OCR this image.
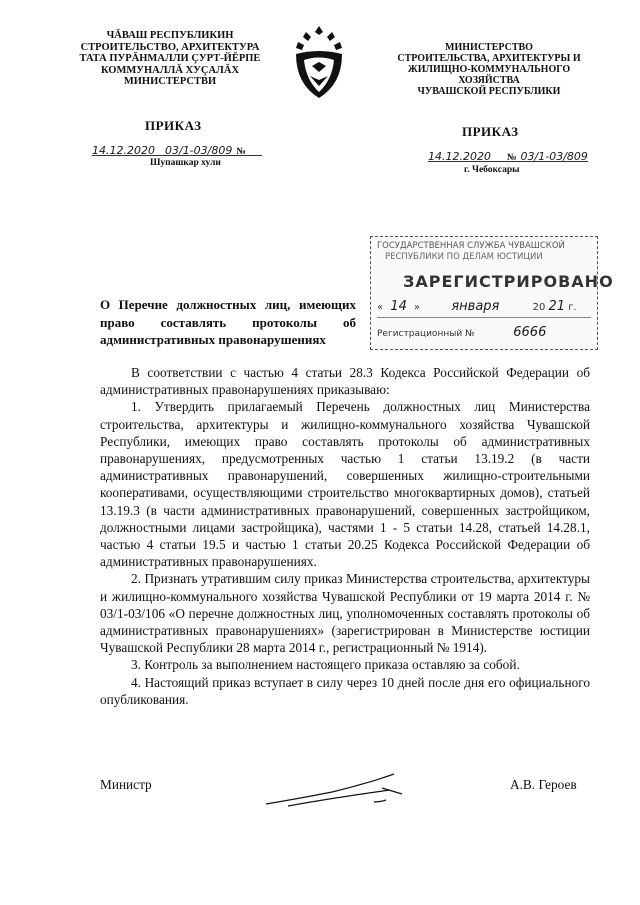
ЧĂВАШ РЕСПУБЛИКИН
СТРОИТЕЛЬСТВО, АРХИТЕКТУРА
ТАТА ПУРĂНМАЛЛИ ÇУРТ-ЙĔРПЕ
КОММУНАЛЛĂ ХУÇАЛĂХ
МИНИСТЕРСТВИ
МИНИСТЕРСТВО
СТРОИТЕЛЬСТВА, АРХИТЕКТУРЫ И
ЖИЛИЩНО-КОММУНАЛЬНОГО ХОЗЯЙСТВА
ЧУВАШСКОЙ РЕСПУБЛИКИ
ПРИКАЗ
14.12.2020 03/1-03/809 №
Шупашкар хули
ПРИКАЗ
14.12.2020 № 03/1-03/809
г. Чебоксары
ГОСУДАРСТВЕННАЯ СЛУЖБА ЧУВАШСКОЙ
РЕСПУБЛИКИ ПО ДЕЛАМ ЮСТИЦИИ
ЗАРЕГИСТРИРОВАНО
« 14 » января	20 21 г.
Регистрационный №	6666
О Перечне должностных лиц, имеющих право составлять протоколы об административных правонарушениях

В соответствии с частью 4 статьи 28.3 Кодекса Российской Федерации об административных правонарушениях приказываю:

1. Утвердить прилагаемый Перечень должностных лиц Министерства строительства, архитектуры и жилищно-коммунального хозяйства Чувашской Республики, имеющих право составлять протоколы об административных правонарушениях, предусмотренных частью 1 статьи 13.19.2 (в части административных правонарушений, совершенных жилищно-строительными кооперативами, осуществляющими строительство многоквартирных домов), статьей 13.19.3 (в части административных правонарушений, совершенных застройщиком, должностными лицами застройщика), частями 1 - 5 статьи 14.28, статьей 14.28.1, частью 4 статьи 19.5 и частью 1 статьи 20.25 Кодекса Российской Федерации об административных правонарушениях.

2. Признать утратившим силу приказ Министерства строительства, архитектуры и жилищно-коммунального хозяйства Чувашской Республики от 19 марта 2014 г. № 03/1-03/106 «О перечне должностных лиц, уполномоченных составлять протоколы об административных правонарушениях» (зарегистрирован в Министерстве юстиции Чувашской Республики 28 марта 2014 г., регистрационный № 1914).

3. Контроль за выполнением настоящего приказа оставляю за собой.

4. Настоящий приказ вступает в силу через 10 дней после дня его официального опубликования.

Министр	А.В. Героев
